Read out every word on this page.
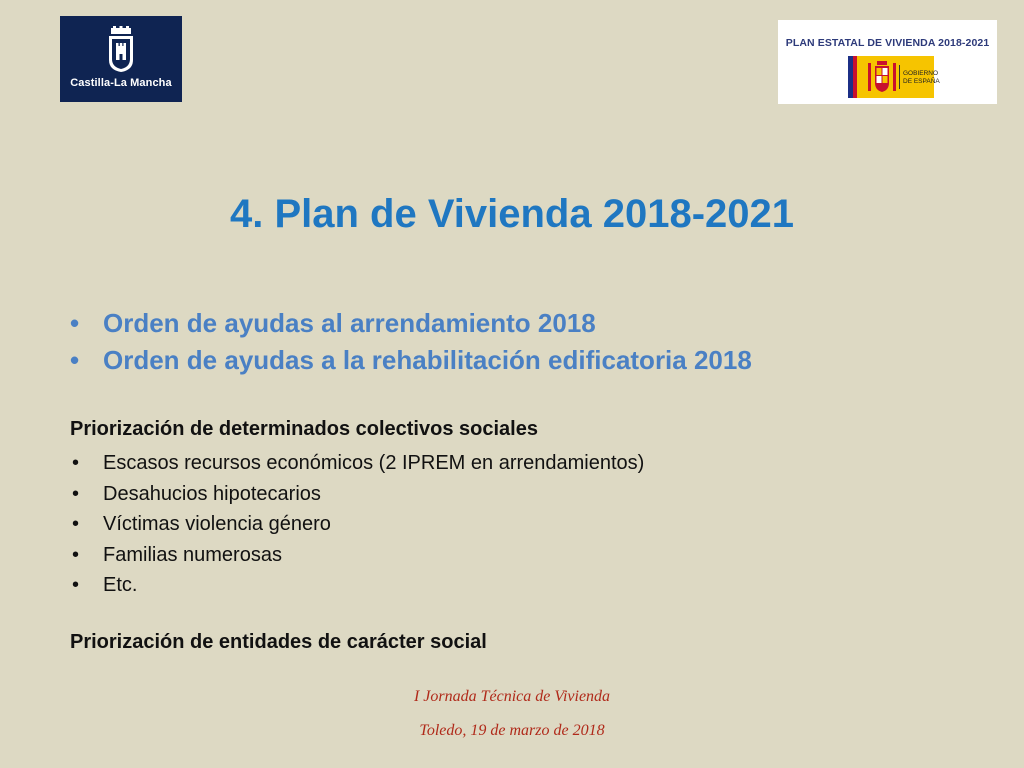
Castilla-La Mancha
PLAN ESTATAL DE VIVIENDA 2018-2021
GOBIERNO
DE ESPAÑA
4. Plan de Vivienda 2018-2021
• Orden de ayudas al arrendamiento 2018
• Orden de ayudas a la rehabilitación edificatoria 2018
Priorización de determinados colectivos sociales
• Escasos recursos económicos (2 IPREM en arrendamientos)
• Desahucios hipotecarios
• Víctimas violencia género
• Familias numerosas
• Etc.
Priorización de entidades de carácter social
I Jornada Técnica de Vivienda
Toledo, 19 de marzo de 2018
